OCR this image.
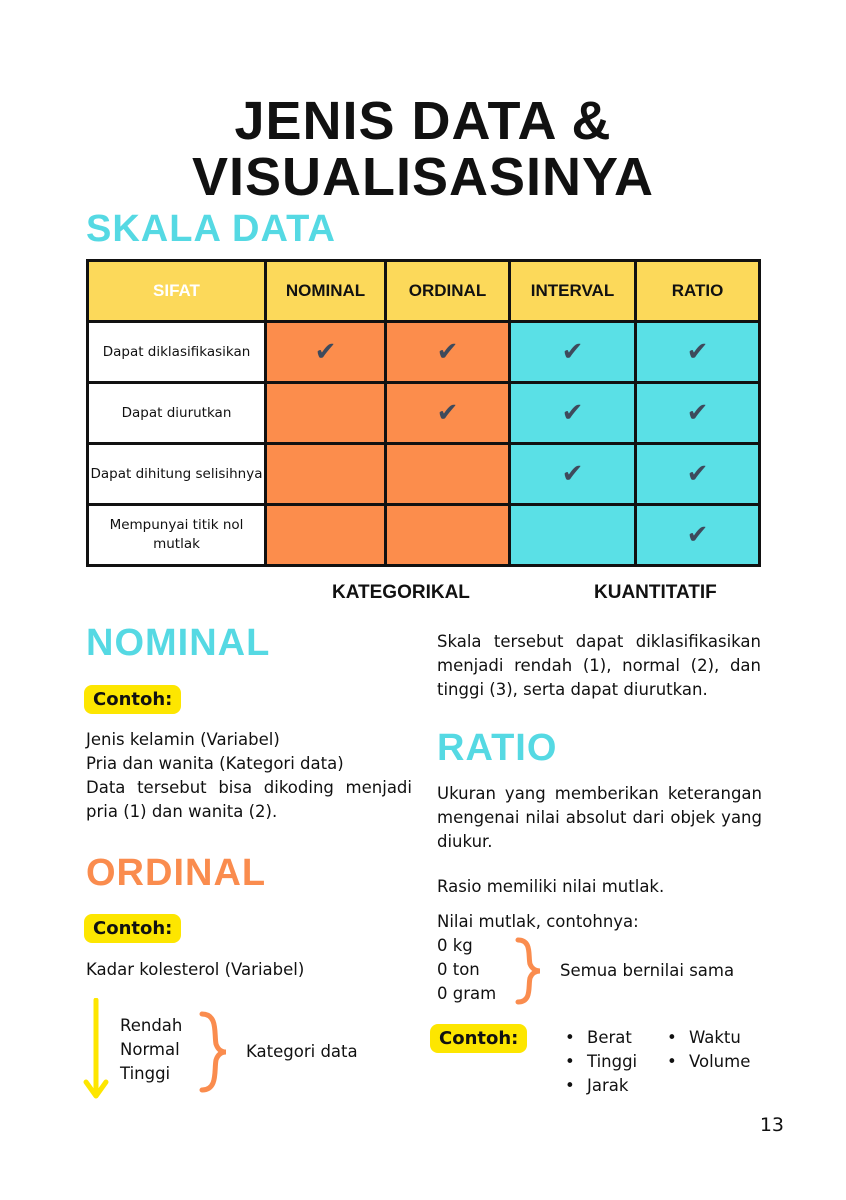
JENIS DATA &
VISUALISASINYA
SKALA DATA
SIFAT	NOMINAL	ORDINAL	INTERVAL	RATIO
Dapat diklasifikasikan	✔	✔	✔	✔
Dapat diurutkan		✔	✔	✔
Dapat dihitung selisihnya			✔	✔
Mempunyai titik nol mutlak				✔
KATEGORIKAL	KUANTITATIF
NOMINAL
Contoh:
Jenis kelamin (Variabel)
Pria dan wanita (Kategori data)
Data tersebut bisa dikoding menjadi pria (1) dan wanita (2).
ORDINAL
Contoh:
Kadar kolesterol (Variabel)
Rendah
Normal
Tinggi
Kategori data
Skala tersebut dapat diklasifikasikan menjadi rendah (1), normal (2), dan tinggi (3), serta dapat diurutkan.
RATIO
Ukuran yang memberikan keterangan mengenai nilai absolut dari objek yang diukur.
Rasio memiliki nilai mutlak.
Nilai mutlak, contohnya:
0 kg
0 ton
0 gram
Semua bernilai sama
Contoh:	• Berat
• Tinggi
• Jarak
• Waktu
• Volume
13
